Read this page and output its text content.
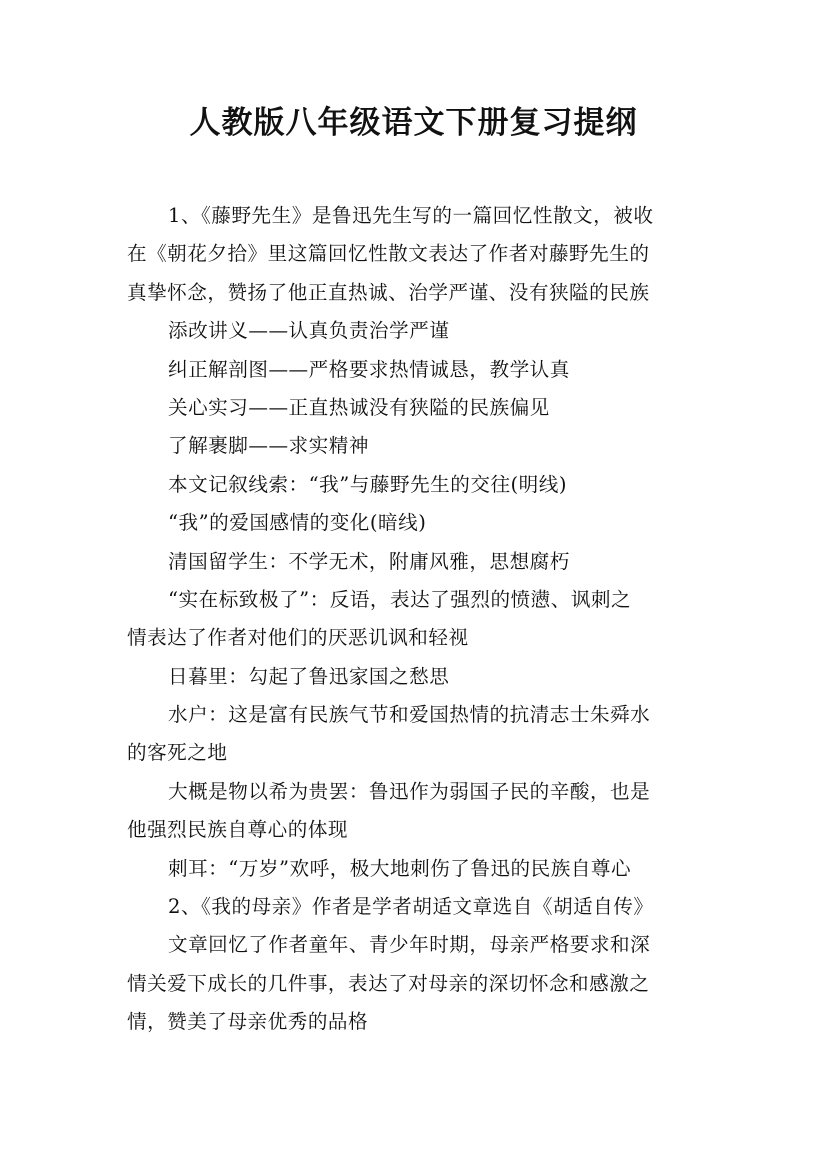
人教版八年级语文下册复习提纲
1、《藤野先生》是鲁迅先生写的一篇回忆性散文，被收
在《朝花夕拾》里这篇回忆性散文表达了作者对藤野先生的
真挚怀念，赞扬了他正直热诚、治学严谨、没有狭隘的民族
添改讲义——认真负责治学严谨
纠正解剖图——严格要求热情诚恳，教学认真
关心实习——正直热诚没有狭隘的民族偏见
了解裹脚——求实精神
本文记叙线索：“我”与藤野先生的交往(明线)
“我”的爱国感情的变化(暗线)
清国留学生：不学无术，附庸风雅，思想腐朽
“实在标致极了”：反语，表达了强烈的愤懑、讽刺之
情表达了作者对他们的厌恶讥讽和轻视
日暮里：勾起了鲁迅家国之愁思
水户：这是富有民族气节和爱国热情的抗清志士朱舜水
的客死之地
大概是物以希为贵罢：鲁迅作为弱国子民的辛酸，也是
他强烈民族自尊心的体现
刺耳：“万岁”欢呼，极大地刺伤了鲁迅的民族自尊心
2、《我的母亲》作者是学者胡适文章选自《胡适自传》
文章回忆了作者童年、青少年时期，母亲严格要求和深
情关爱下成长的几件事，表达了对母亲的深切怀念和感激之
情，赞美了母亲优秀的品格
